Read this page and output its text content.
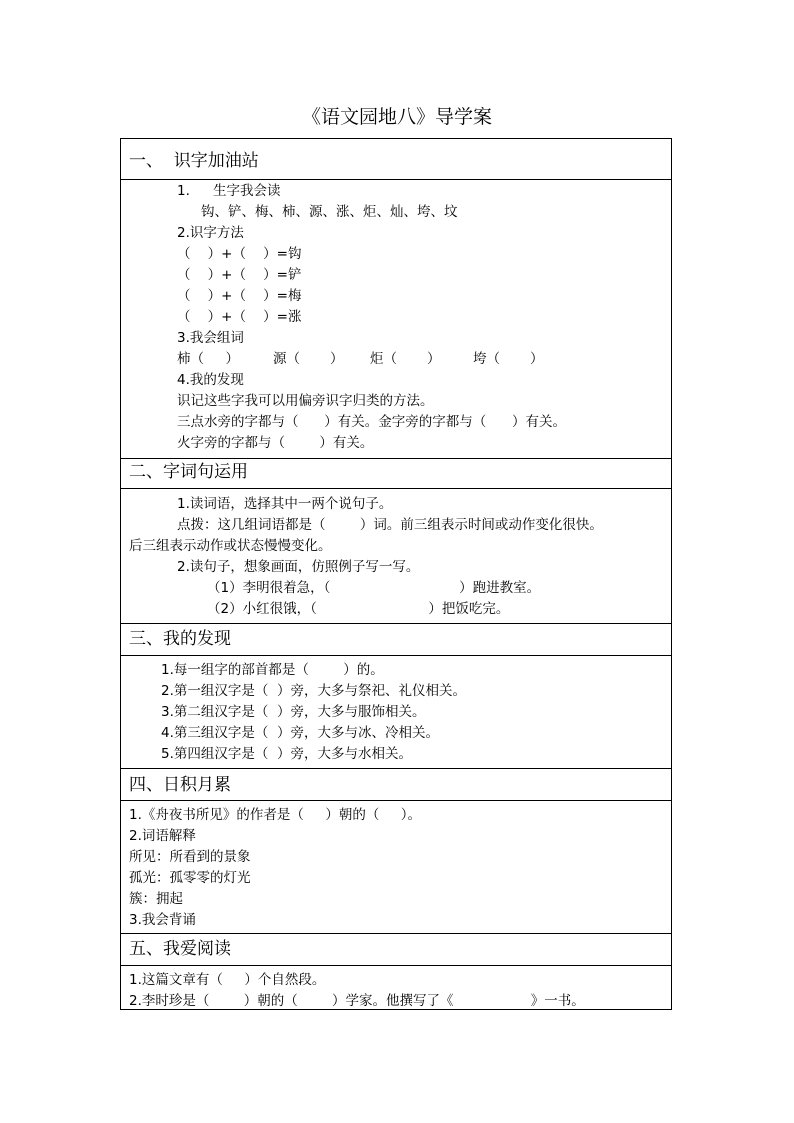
《语文园地八》导学案
一、  识字加油站
1. 生字我会读
钩、铲、梅、柿、源、涨、炬、灿、垮、坟
2.识字方法
（    ）+（    ）=钩
（    ）+（    ）=铲
（    ）+（    ）=梅
（    ）+（    ）=涨
3.我会组词
柿（     ）	源（       ） 炬（       ） 垮（       ）
4.我的发现
识记这些字我可以用偏旁识字归类的方法。
三点水旁的字都与（      ）有关。金字旁的字都与（      ）有关。
火字旁的字都与（        ）有关。
二、字词句运用
1.读词语，选择其中一两个说句子。
点拨：这几组词语都是（        ）词。前三组表示时间或动作变化很快。
后三组表示动作或状态慢慢变化。
2.读句子，想象画面，仿照例子写一写。
（1）李明很着急，（                              ）跑进教室。
（2）小红很饿，（                          ）把饭吃完。
三、我的发现
1.每一组字的部首都是（        ）的。
2.第一组汉字是（  ）旁，大多与祭祀、礼仪相关。
3.第二组汉字是（  ）旁，大多与服饰相关。
4.第三组汉字是（  ）旁，大多与冰、冷相关。
5.第四组汉字是（  ）旁，大多与水相关。
四、日积月累
1.《舟夜书所见》的作者是（     ）朝的（     ）。
2.词语解释
所见：所看到的景象
孤光：孤零零的灯光
簇：拥起
3.我会背诵
五、我爱阅读
1.这篇文章有（     ）个自然段。
2.李时珍是（        ）朝的（        ）学家。他撰写了《                  》一书。
